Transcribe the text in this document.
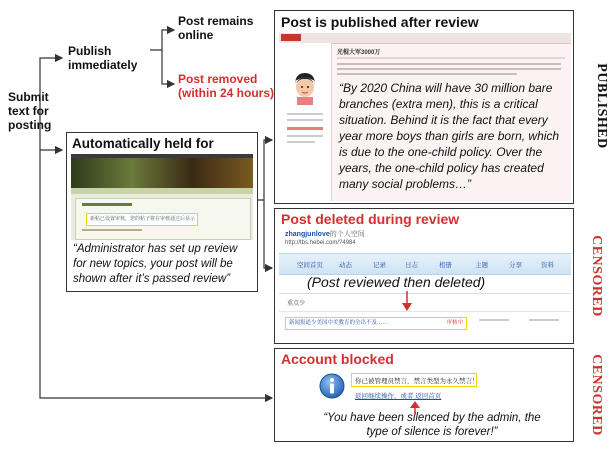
Submit
text for
posting
Publish
immediately
Post remains
online
Post removed
(within 24 hours)
Automatically held for
新帖已设置审核，您的帖子将在审核通过后显示
“Administrator has set up review for new topics, your post will be shown after it’s passed review”
Post is published after review
光棍大军3000万
“By 2020 China will have 30 million bare branches (extra men), this is a critical situation. Behind it is the fact that every year more boys than girls are born, which is due to the one-child policy. Over the years, the one-child policy has created many social problems…”
PUBLISHED
Post deleted during review
zhangjunlove的个人空间
http://tbs.hebei.com/?4984
空间首页 动态	记录	日志	相册	主题	分享	资料
(Post reviewed then deleted)
重点少
新闻报道少美国中美教育的全出不及……	审核中
CENSORED
Account blocked
你已被管理员禁言，禁言类型为永久禁言！
返回继续操作，或者 返回首页
“You have been silenced by the admin, the type of silence is forever!”	CENSORED
